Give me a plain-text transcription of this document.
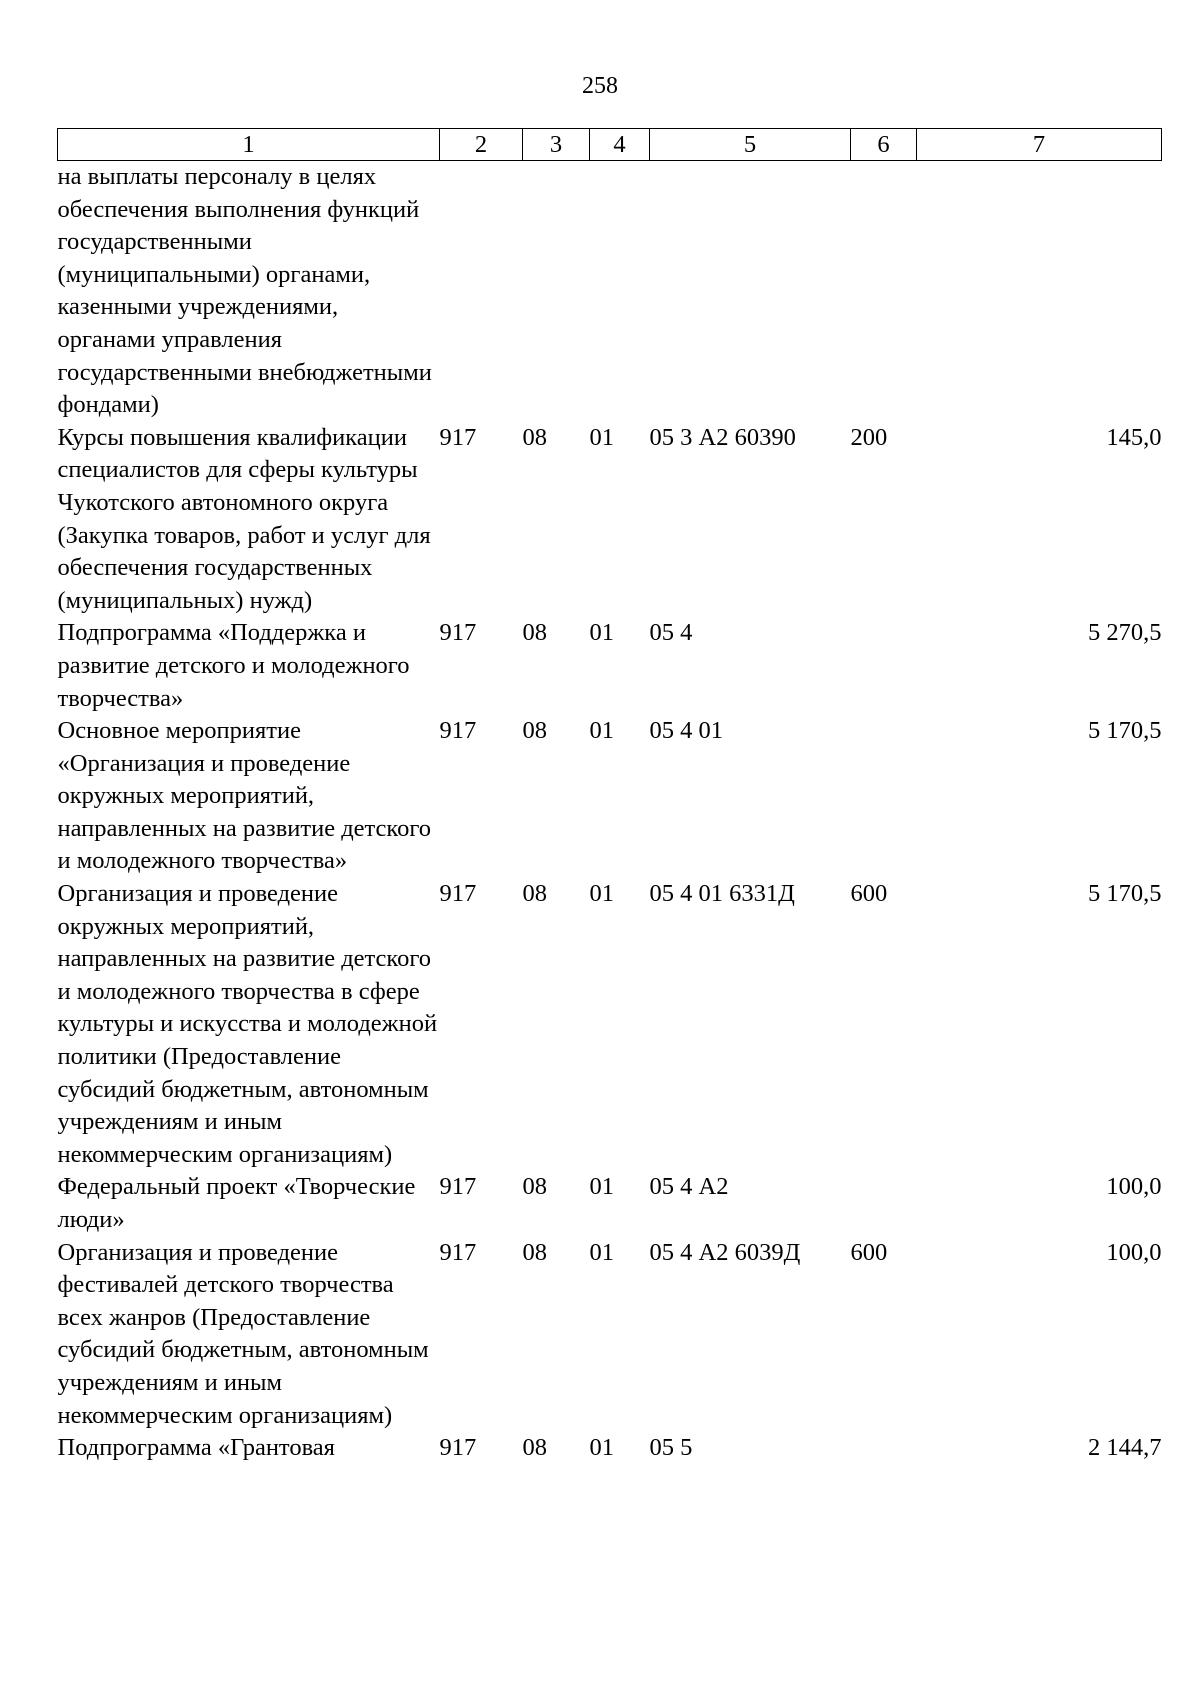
258
1	2	3	4	5	6	7
на выплаты персоналу в целях обеспечения выполнения функций государственными (муниципальными) органами, казенными учреждениями, органами управления государственными внебюджетными фондами)						
Курсы повышения квалификации специалистов для сферы культуры Чукотского автономного округа (Закупка товаров, работ и услуг для обеспечения государственных (муниципальных) нужд)	917	08	01	05 3 А2 60390	200	145,0
Подпрограмма «Поддержка и развитие детского и молодежного творчества»	917	08	01	05 4		5 270,5
Основное мероприятие «Организация и проведение окружных мероприятий, направленных на развитие детского и молодежного творчества»	917	08	01	05 4 01		5 170,5
Организация и проведение окружных мероприятий, направленных на развитие детского и молодежного творчества в сфере культуры и искусства и молодежной политики (Предоставление субсидий бюджетным, автономным учреждениям и иным некоммерческим организациям)	917	08	01	05 4 01 6331Д	600	5 170,5
Федеральный проект «Творческие люди»	917	08	01	05 4 А2		100,0
Организация и проведение фестивалей детского творчества всех жанров (Предоставление субсидий бюджетным, автономным учреждениям и иным некоммерческим организациям)	917	08	01	05 4 А2 6039Д	600	100,0
Подпрограмма «Грантовая	917	08	01	05 5		2 144,7
